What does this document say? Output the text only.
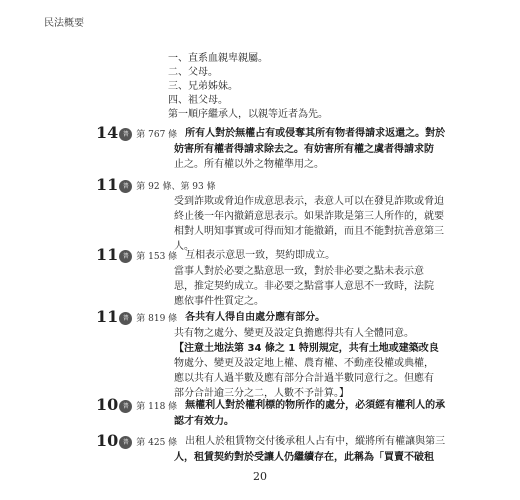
民法概要
一、直系血親卑親屬。
二、父母。
三、兄弟姊妹。
四、祖父母。
第一順序繼承人，以親等近者為先。
14 普 第 767 條 所有人對於無權占有或侵奪其所有物者得請求返還之。對於
妨害所有權者得請求除去之。有妨害所有權之虞者得請求防
止之。所有權以外之物權準用之。
11 普 第 92 條、第 93 條
受到詐欺或脅迫作成意思表示，表意人可以在發見詐欺或脅迫
終止後一年內撤銷意思表示。如果詐欺是第三人所作的，就要
相對人明知事實或可得而知才能撤銷，而且不能對抗善意第三
人。
11 普 第 153 條 互相表示意思一致，契約即成立。
當事人對於必要之點意思一致，對於非必要之點未表示意
思，推定契約成立。非必要之點當事人意思不一致時，法院
應依事件性質定之。
11 普 第 819 條 各共有人得自由處分應有部分。
共有物之處分、變更及設定負擔應得共有人全體同意。
【注意土地法第 34 條之 1 特別規定，共有土地或建築改良
物處分、變更及設定地上權、農育權、不動產役權或典權，
應以共有人過半數及應有部分合計過半數同意行之。但應有
部分合計逾三分之二，人數不予計算。】
10 普 第 118 條 無權利人對於權利標的物所作的處分，必須經有權利人的承
認才有效力。
10 普 第 425 條 出租人於租賃物交付後承租人占有中，縱將所有權讓與第三
人，租賃契約對於受讓人仍繼續存在，此稱為「買賣不破租
20
